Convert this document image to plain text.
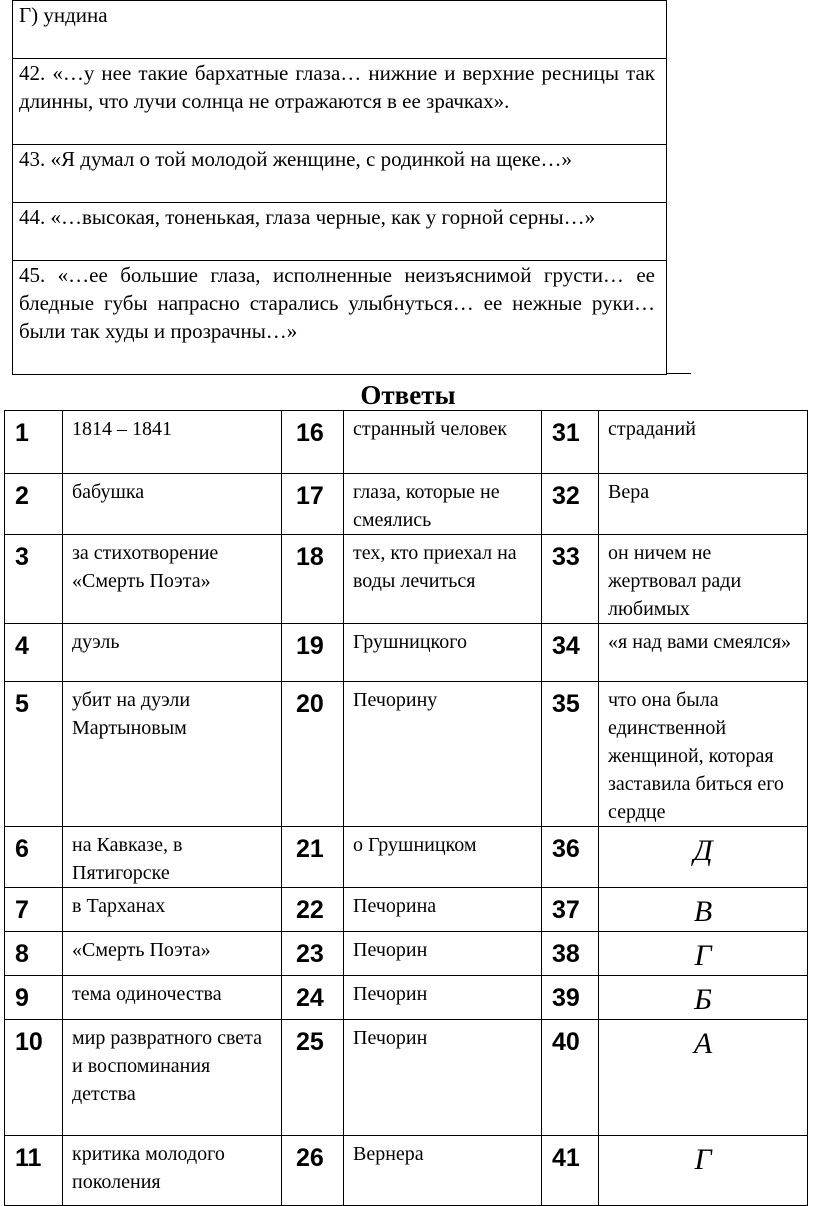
Г) ундина
42. «…у нее такие бархатные глаза… нижние и верхние ресницы так длинны, что лучи солнца не отражаются в ее зрачках».
43. «Я думал о той молодой женщине, с родинкой на щеке…»
44. «…высокая, тоненькая, глаза черные, как у горной серны…»
45. «…ее большие глаза, исполненные неизъяснимой грусти… ее бледные губы напрасно старались улыбнуться… ее нежные руки… были так худы и прозрачны…»
Ответы
1	1814 – 1841	16	странный человек	31	страданий
2	бабушка	17	глаза, которые не смеялись	32	Вера
3	за стихотворение «Смерть Поэта»	18	тех, кто приехал на воды лечиться	33	он ничем не жертвовал ради любимых
4	дуэль	19	Грушницкого	34	«я над вами смеялся»
5	убит на дуэли Мартыновым	20	Печорину	35	что она была единственной женщиной, которая заставила биться его сердце
6	на Кавказе, в Пятигорске	21	о Грушницком	36	Д
7	в Тарханах	22	Печорина	37	В
8	«Смерть Поэта»	23	Печорин	38	Г
9	тема одиночества	24	Печорин	39	Б
10	мир развратного света и воспоминания детства	25	Печорин	40	А
11	критика молодого поколения	26	Вернера	41	Г
